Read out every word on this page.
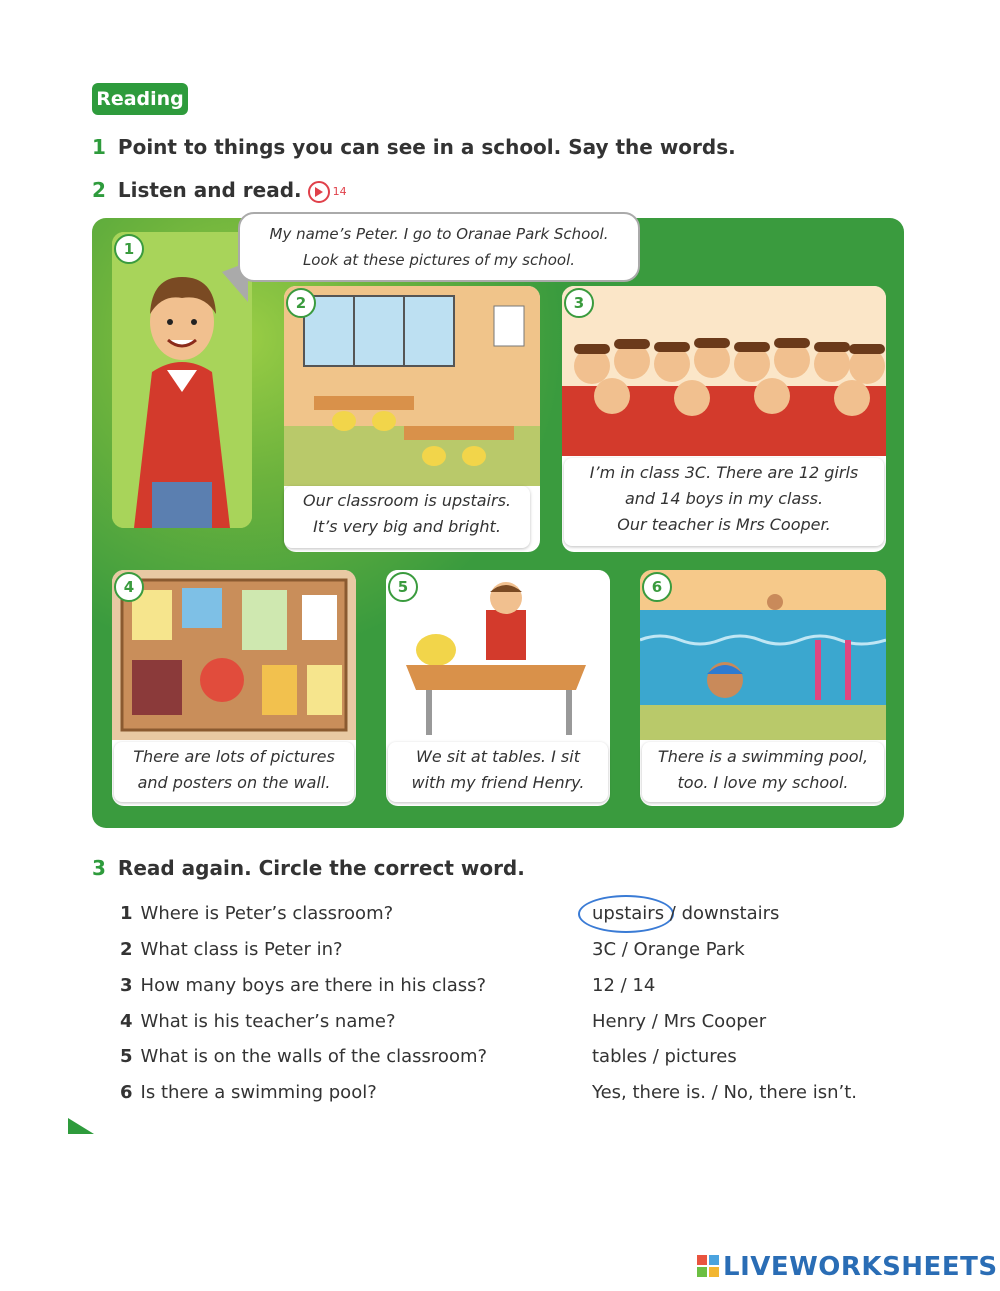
Reading
1 Point to things you can see in a school. Say the words.
2 Listen and read.	14
1
My name’s Peter. I go to Oranae Park School.
Look at these pictures of my school.
2
Our classroom is upstairs.
It’s very big and bright.
3
I’m in class 3C. There are 12 girls
and 14 boys in my class.
Our teacher is Mrs Cooper.
4
There are lots of pictures
and posters on the wall.
5
We sit at tables. I sit
with my friend Henry.
6
There is a swimming pool,
too. I love my school.
3 Read again. Circle the correct word.
1 Where is Peter’s classroom?
2 What class is Peter in?
3 How many boys are there in his class?
4 What is his teacher’s name?
5 What is on the walls of the classroom?
6 Is there a swimming pool?
upstairs / downstairs
3C / Orange Park
12 / 14
Henry / Mrs Cooper
tables / pictures
Yes, there is. / No, there isn’t.
LIVEWORKSHEETS
